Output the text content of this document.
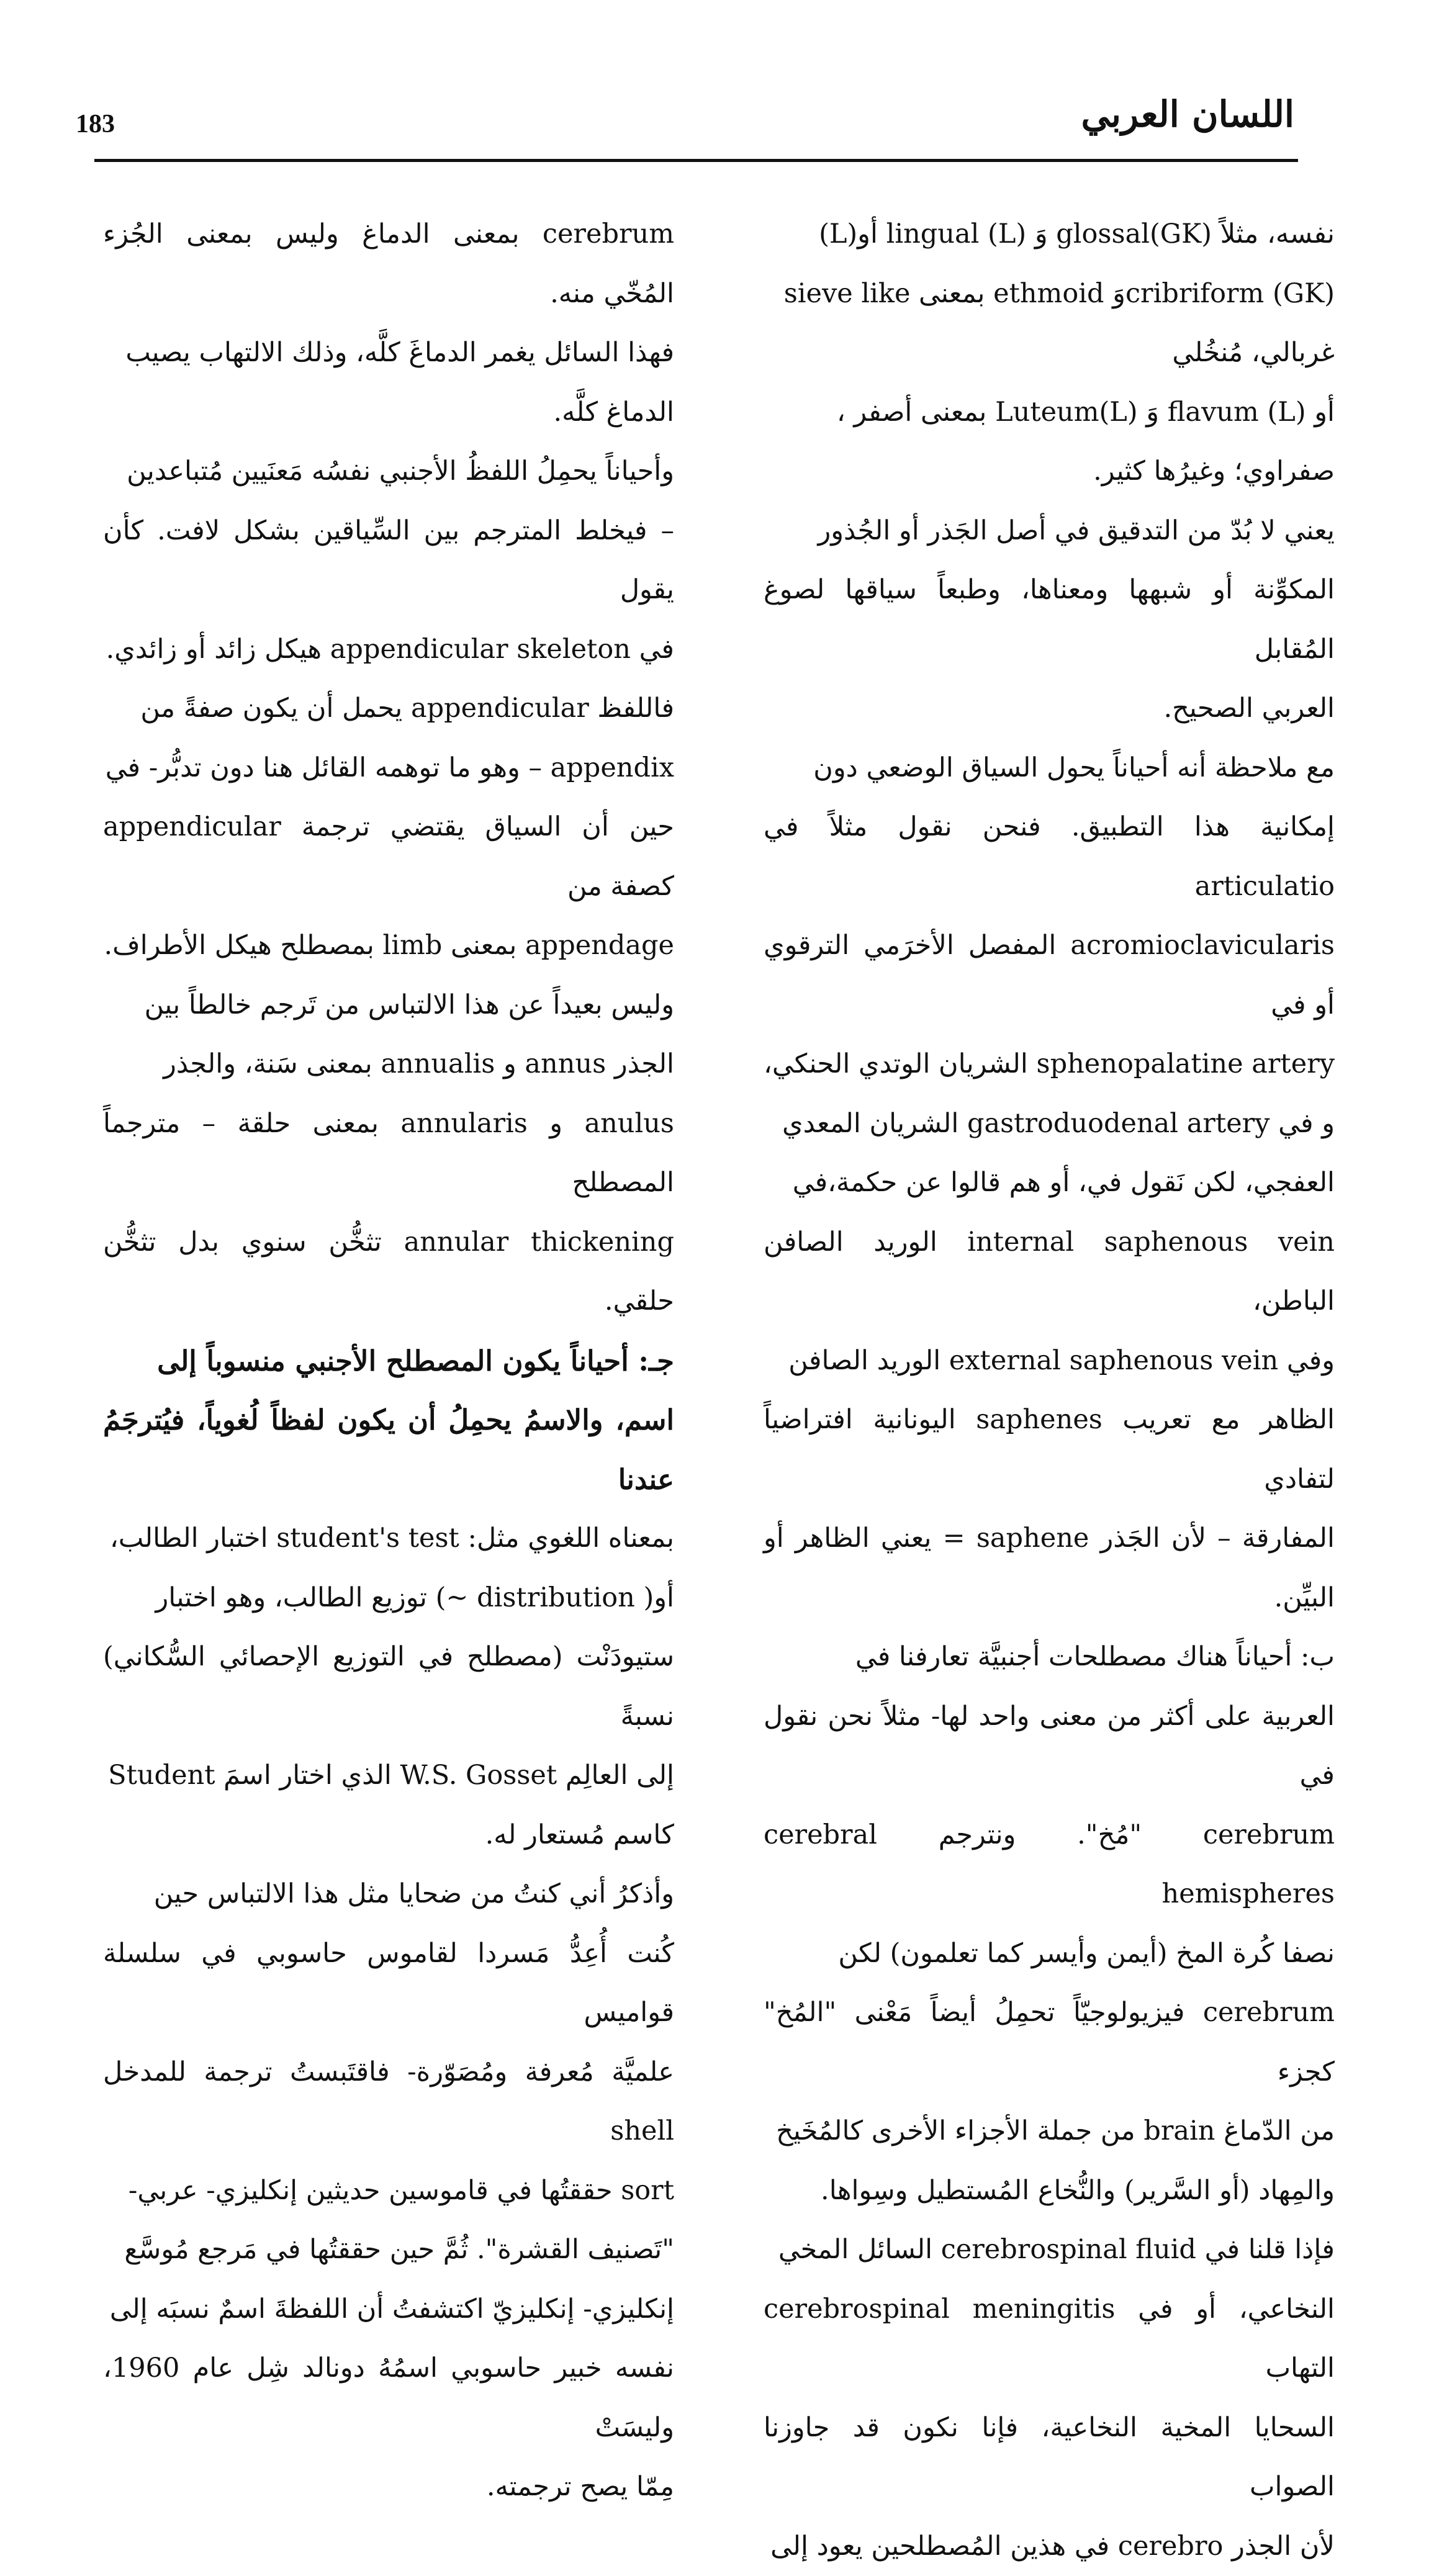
183	اللسان العربي
نفسه، مثلاً glossal(GK) وَ lingual (L) أو(L)
cribriform (GK)وَ ethmoid بمعنى sieve like
غربالي، مُنخُلي
أو flavum (L) وَ Luteum(L) بمعنى أصفر ،
صفراوي؛ وغيرُها كثير.
يعني لا بُدّ من التدقيق في أصل الجَذر أو الجُذور
المكوِّنة أو شبهها ومعناها، وطبعاً سياقها لصوغ المُقابل
العربي الصحيح.
مع ملاحظة أنه أحياناً يحول السياق الوضعي دون
إمكانية هذا التطبيق. فنحن نقول مثلاً في articulatio
acromioclavicularis المفصل الأخرَمي الترقوي أو في
sphenopalatine artery الشريان الوتدي الحنكي،
و في gastroduodenal artery الشريان المعدي
العفجي، لكن نَقول في، أو هم قالوا عن حكمة،في
internal saphenous vein الوريد الصافن الباطن،
وفي external saphenous vein الوريد الصافن
الظاهر مع تعريب saphenes اليونانية افتراضياً لتفادي
المفارقة – لأن الجَذر saphene = يعني الظاهر أو البيِّن.
ب: أحياناً هناك مصطلحات أجنبيَّة تعارفنا في
العربية على أكثر من معنى واحد لها- مثلاً نحن نقول في
cerebrum "مُخ". ونترجم cerebral hemispheres
نصفا كُرة المخ (أيمن وأيسر كما تعلمون) لكن
cerebrum فيزيولوجيّاً تحمِلُ أيضاً مَعْنى "المُخ" كجزء
من الدّماغ brain من جملة الأجزاء الأخرى كالمُخَيخ
والمِهاد (أو السَّرير) والنُّخاع المُستطيل وسِواها.
فإذا قلنا في cerebrospinal fluid السائل المخي
النخاعي، أو في cerebrospinal meningitis التهاب
السحايا المخية النخاعية، فإنا نكون قد جاوزنا الصواب
لأن الجذر cerebro في هذين المُصطلحين يعود إلى
cerebrum بمعنى الدماغ وليس بمعنى الجُزء المُخّي منه.
فهذا السائل يغمر الدماغَ كلَّه، وذلك الالتهاب يصيب
الدماغ كلَّه.
وأحياناً يحمِلُ اللفظُ الأجنبي نفسُه مَعنَيين مُتباعدين
– فيخلط المترجم بين السِّياقين بشكل لافت. كأن يقول
في appendicular skeleton هيكل زائد أو زائدي.
فاللفظ appendicular يحمل أن يكون صفةً من
appendix – وهو ما توهمه القائل هنا دون تدبُّر- في
حين أن السياق يقتضي ترجمة appendicular كصفة من
appendage بمعنى limb بمصطلح هيكل الأطراف.
وليس بعيداً عن هذا الالتباس من تَرجم خالطاً بين
الجذر annus و annualis بمعنى سَنة، والجذر
anulus و annularis بمعنى حلقة – مترجماً المصطلح
annular thickening تثخُّن سنوي بدل تثخُّن حلقي.
جـ: أحياناً يكون المصطلح الأجنبي منسوباً إلى
اسم، والاسمُ يحمِلُ أن يكون لفظاً لُغوياً، فيُترجَمُ عندنا
بمعناه اللغوي مثل: student's test اختبار الطالب،
أو( distribution ~) توزيع الطالب، وهو اختبار
ستيودَنْت (مصطلح في التوزيع الإحصائي السُّكاني) نسبةً
إلى العالِم W.S. Gosset الذي اختار اسمَ Student
كاسم مُستعار له.
وأذكرُ أني كنتُ من ضحايا مثل هذا الالتباس حين
كُنت أُعِدُّ مَسردا لقاموس حاسوبي في سلسلة قواميس
علميَّة مُعرفة ومُصَوّرة- فاقتَبستُ ترجمة للمدخل shell
sort حققتُها في قاموسين حديثين إنكليزي- عربي-
"تَصنيف القشرة". ثُمَّ حين حققتُها في مَرجع مُوسَّع
إنكليزي- إنكليزيّ اكتشفتُ أن اللفظةَ اسمٌ نسبَه إلى
نفسه خبير حاسوبي اسمُهُ دونالد شِل عام 1960، وليسَتْ
مِمّا يصح ترجمته.
